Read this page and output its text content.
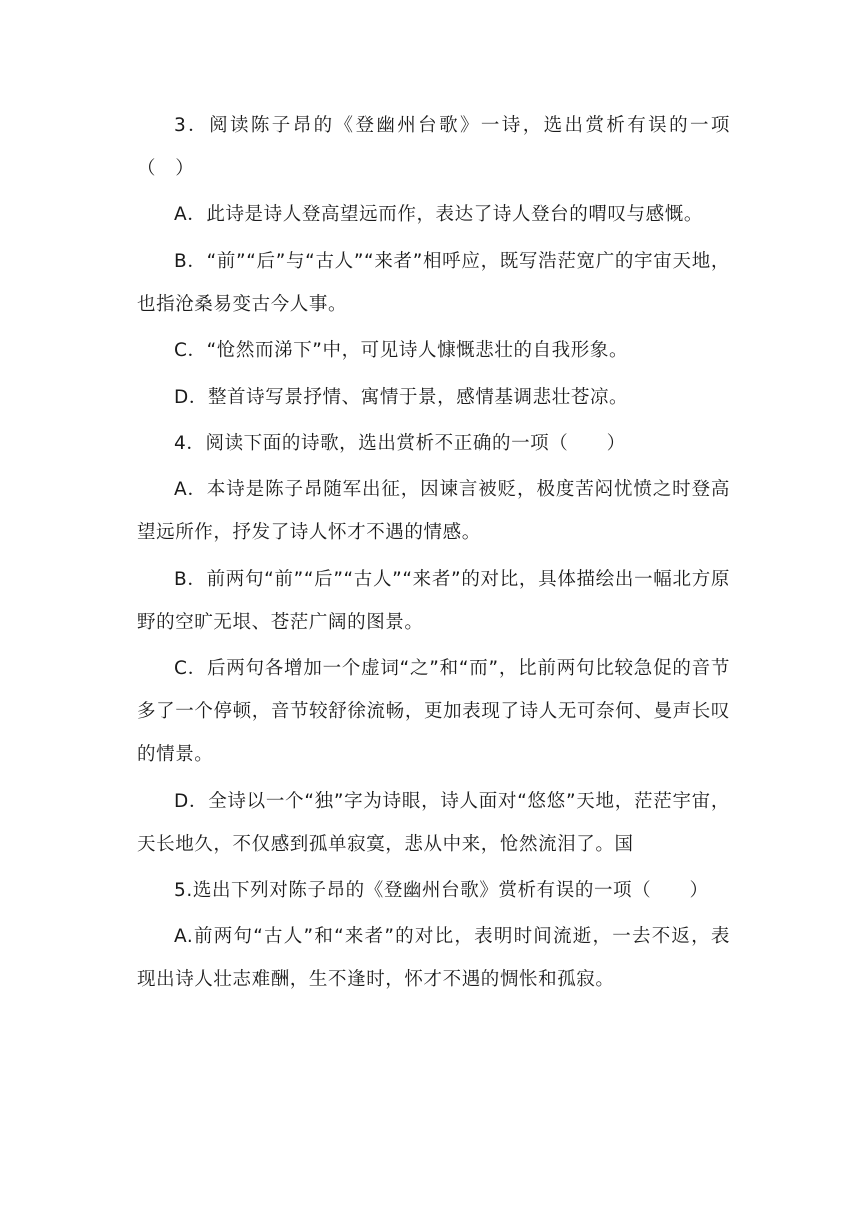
3．阅读陈子昂的《登幽州台歌》一诗，选出赏析有误的一项（　）

A．此诗是诗人登高望远而作，表达了诗人登台的喟叹与感慨。

B．“前”“后”与“古人”“来者”相呼应，既写浩茫宽广的宇宙天地，也指沧桑易变古今人事。

C．“怆然而涕下”中，可见诗人慷慨悲壮的自我形象。

D．整首诗写景抒情、寓情于景，感情基调悲壮苍凉。

4．阅读下面的诗歌，选出赏析不正确的一项（　　）

A．本诗是陈子昂随军出征，因谏言被贬，极度苦闷忧愤之时登高望远所作，抒发了诗人怀才不遇的情感。

B．前两句“前”“后”“古人”“来者”的对比，具体描绘出一幅北方原野的空旷无垠、苍茫广阔的图景。

C．后两句各增加一个虚词“之”和“而”，比前两句比较急促的音节多了一个停顿，音节较舒徐流畅，更加表现了诗人无可奈何、曼声长叹的情景。

D．全诗以一个“独”字为诗眼，诗人面对“悠悠”天地，茫茫宇宙，天长地久，不仅感到孤单寂寞，悲从中来，怆然流泪了。国

5.选出下列对陈子昂的《登幽州台歌》赏析有误的一项（　　）

A.前两句“古人”和“来者”的对比，表明时间流逝，一去不返，表现出诗人壮志难酬，生不逢时，怀才不遇的惆怅和孤寂。
